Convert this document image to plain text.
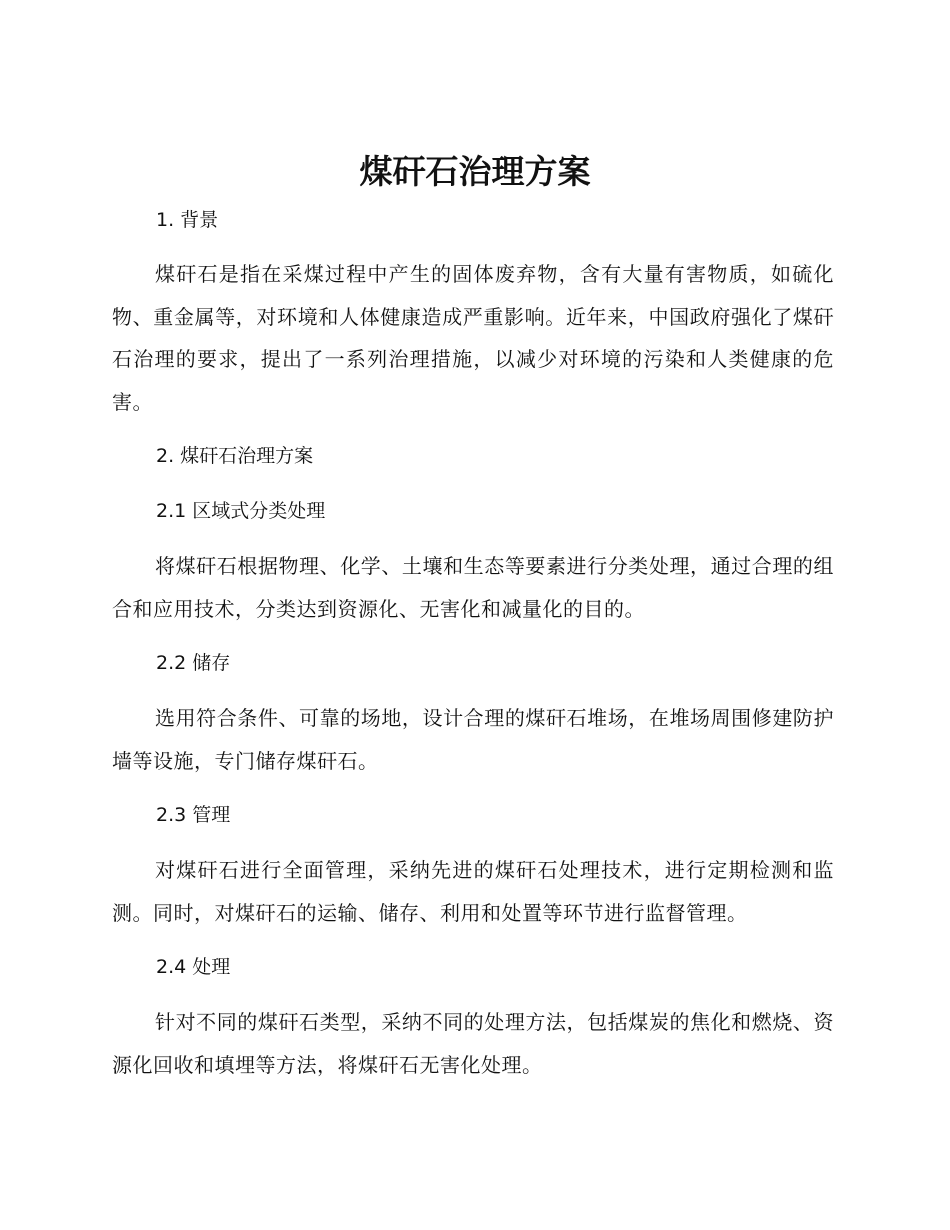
煤矸石治理方案
1. 背景

煤矸石是指在采煤过程中产生的固体废弃物，含有大量有害物质，如硫化物、重金属等，对环境和人体健康造成严重影响。近年来，中国政府强化了煤矸石治理的要求，提出了一系列治理措施，以减少对环境的污染和人类健康的危害。

2. 煤矸石治理方案
2.1 区域式分类处理

将煤矸石根据物理、化学、土壤和生态等要素进行分类处理，通过合理的组合和应用技术，分类达到资源化、无害化和减量化的目的。

2.2 储存

选用符合条件、可靠的场地，设计合理的煤矸石堆场，在堆场周围修建防护墙等设施，专门储存煤矸石。

2.3 管理

对煤矸石进行全面管理，采纳先进的煤矸石处理技术，进行定期检测和监测。同时，对煤矸石的运输、储存、利用和处置等环节进行监督管理。

2.4 处理

针对不同的煤矸石类型，采纳不同的处理方法，包括煤炭的焦化和燃烧、资源化回收和填埋等方法，将煤矸石无害化处理。
